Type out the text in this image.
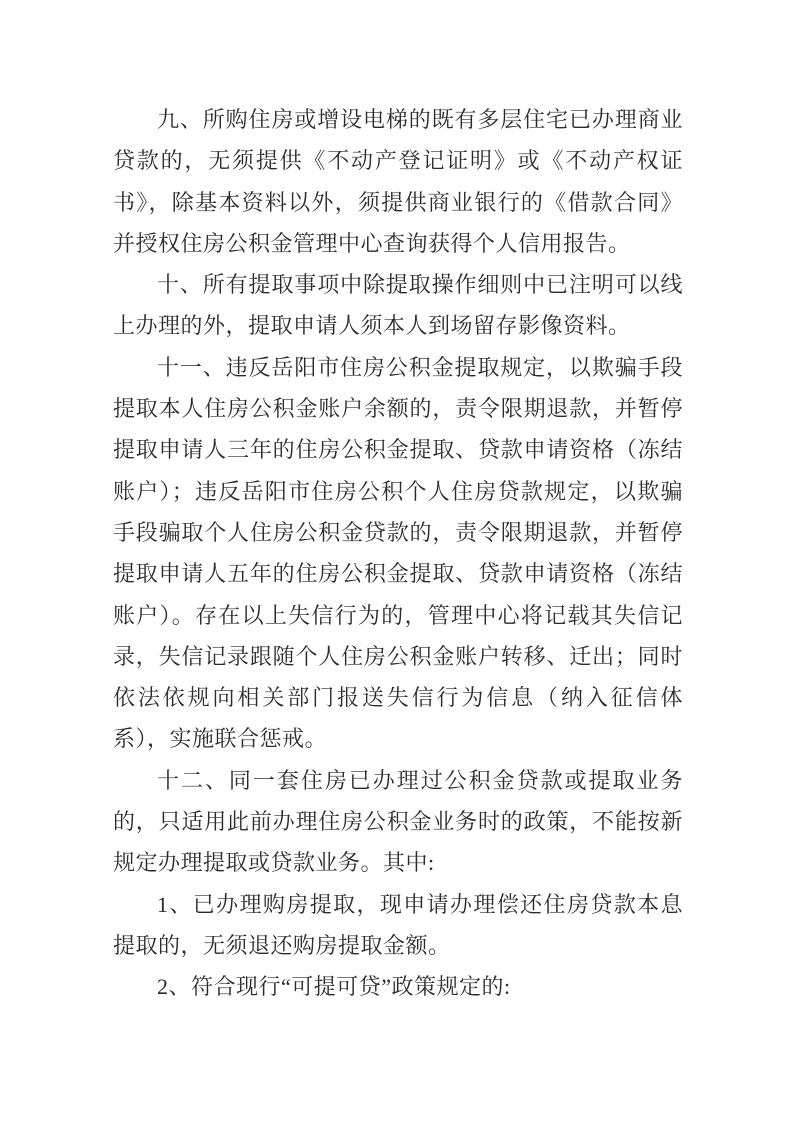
九、所购住房或增设电梯的既有多层住宅已办理商业贷款的，无须提供《不动产登记证明》或《不动产权证书》，除基本资料以外，须提供商业银行的《借款合同》并授权住房公积金管理中心查询获得个人信用报告。

十、所有提取事项中除提取操作细则中已注明可以线上办理的外，提取申请人须本人到场留存影像资料。

十一、违反岳阳市住房公积金提取规定，以欺骗手段提取本人住房公积金账户余额的，责令限期退款，并暂停提取申请人三年的住房公积金提取、贷款申请资格（冻结账户）；违反岳阳市住房公积个人住房贷款规定，以欺骗手段骗取个人住房公积金贷款的，责令限期退款，并暂停提取申请人五年的住房公积金提取、贷款申请资格（冻结账户）。存在以上失信行为的，管理中心将记载其失信记录，失信记录跟随个人住房公积金账户转移、迁出；同时依法依规向相关部门报送失信行为信息（纳入征信体系），实施联合惩戒。

十二、同一套住房已办理过公积金贷款或提取业务的，只适用此前办理住房公积金业务时的政策，不能按新规定办理提取或贷款业务。其中:

1、已办理购房提取，现申请办理偿还住房贷款本息提取的，无须退还购房提取金额。

2、符合现行“可提可贷”政策规定的:
